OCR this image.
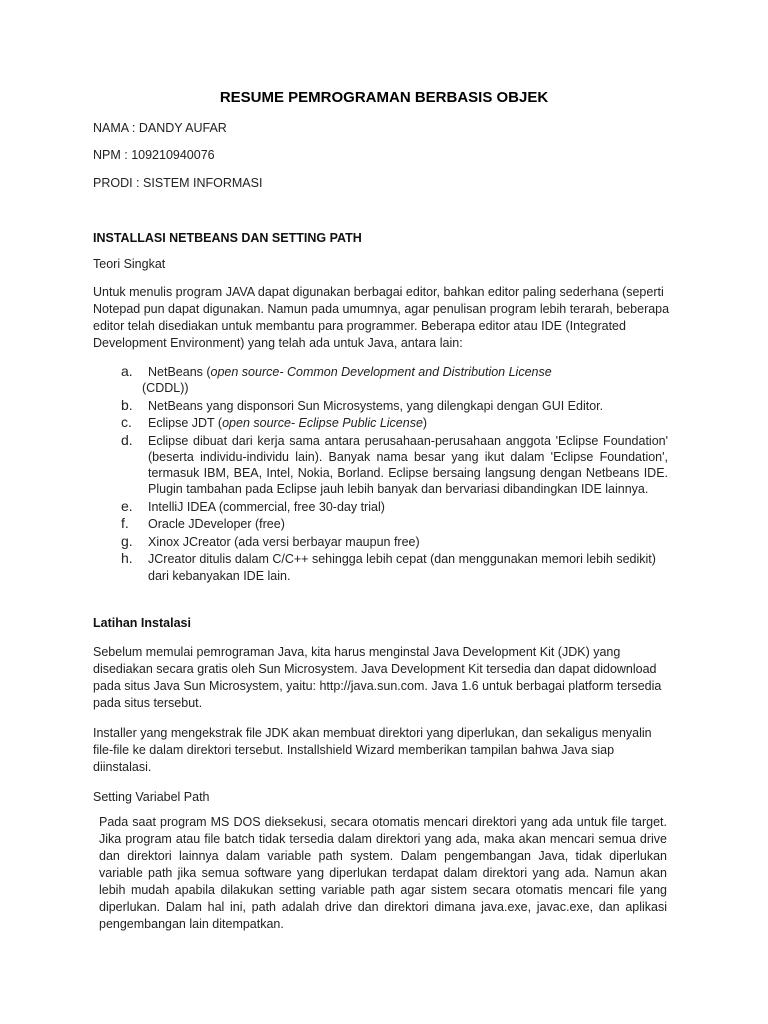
RESUME PEMROGRAMAN BERBASIS OBJEK

NAMA : DANDY AUFAR

NPM : 109210940076

PRODI : SISTEM INFORMASI

INSTALLASI NETBEANS DAN SETTING PATH

Teori Singkat

Untuk menulis program JAVA dapat digunakan berbagai editor, bahkan editor paling sederhana (seperti Notepad pun dapat digunakan. Namun pada umumnya, agar penulisan program lebih terarah, beberapa editor telah disediakan untuk membantu para programmer. Beberapa editor atau IDE (Integrated Development Environment) yang telah ada untuk Java, antara lain:

a. NetBeans (open source- Common Development and Distribution License
(CDDL))
b. NetBeans yang disponsori Sun Microsystems, yang dilengkapi dengan GUI Editor.
c. Eclipse JDT (open source- Eclipse Public License)
d. Eclipse dibuat dari kerja sama antara perusahaan-perusahaan anggota 'Eclipse Foundation' (beserta individu-individu lain). Banyak nama besar yang ikut dalam 'Eclipse Foundation', termasuk IBM, BEA, Intel, Nokia, Borland. Eclipse bersaing langsung dengan Netbeans IDE. Plugin tambahan pada Eclipse jauh lebih banyak dan bervariasi dibandingkan IDE lainnya.
e. IntelliJ IDEA (commercial, free 30-day trial)
f. Oracle JDeveloper (free)
g. Xinox JCreator (ada versi berbayar maupun free)
h. JCreator ditulis dalam C/C++ sehingga lebih cepat (dan menggunakan memori lebih sedikit) dari kebanyakan IDE lain.

Latihan Instalasi

Sebelum memulai pemrograman Java, kita harus menginstal Java Development Kit (JDK) yang disediakan secara gratis oleh Sun Microsystem. Java Development Kit tersedia dan dapat didownload pada situs Java Sun Microsystem, yaitu: http://java.sun.com. Java 1.6 untuk berbagai platform tersedia pada situs tersebut.

Installer yang mengekstrak file JDK akan membuat direktori yang diperlukan, dan sekaligus menyalin file-file ke dalam direktori tersebut. Installshield Wizard memberikan tampilan bahwa Java siap diinstalasi.

Setting Variabel Path

Pada saat program MS DOS dieksekusi, secara otomatis mencari direktori yang ada untuk file target. Jika program atau file batch tidak tersedia dalam direktori yang ada, maka akan mencari semua drive dan direktori lainnya dalam variable path system. Dalam pengembangan Java, tidak diperlukan variable path jika semua software yang diperlukan terdapat dalam direktori yang ada. Namun akan lebih mudah apabila dilakukan setting variable path agar sistem secara otomatis mencari file yang diperlukan. Dalam hal ini, path adalah drive dan direktori dimana java.exe, javac.exe, dan aplikasi pengembangan lain ditempatkan.
